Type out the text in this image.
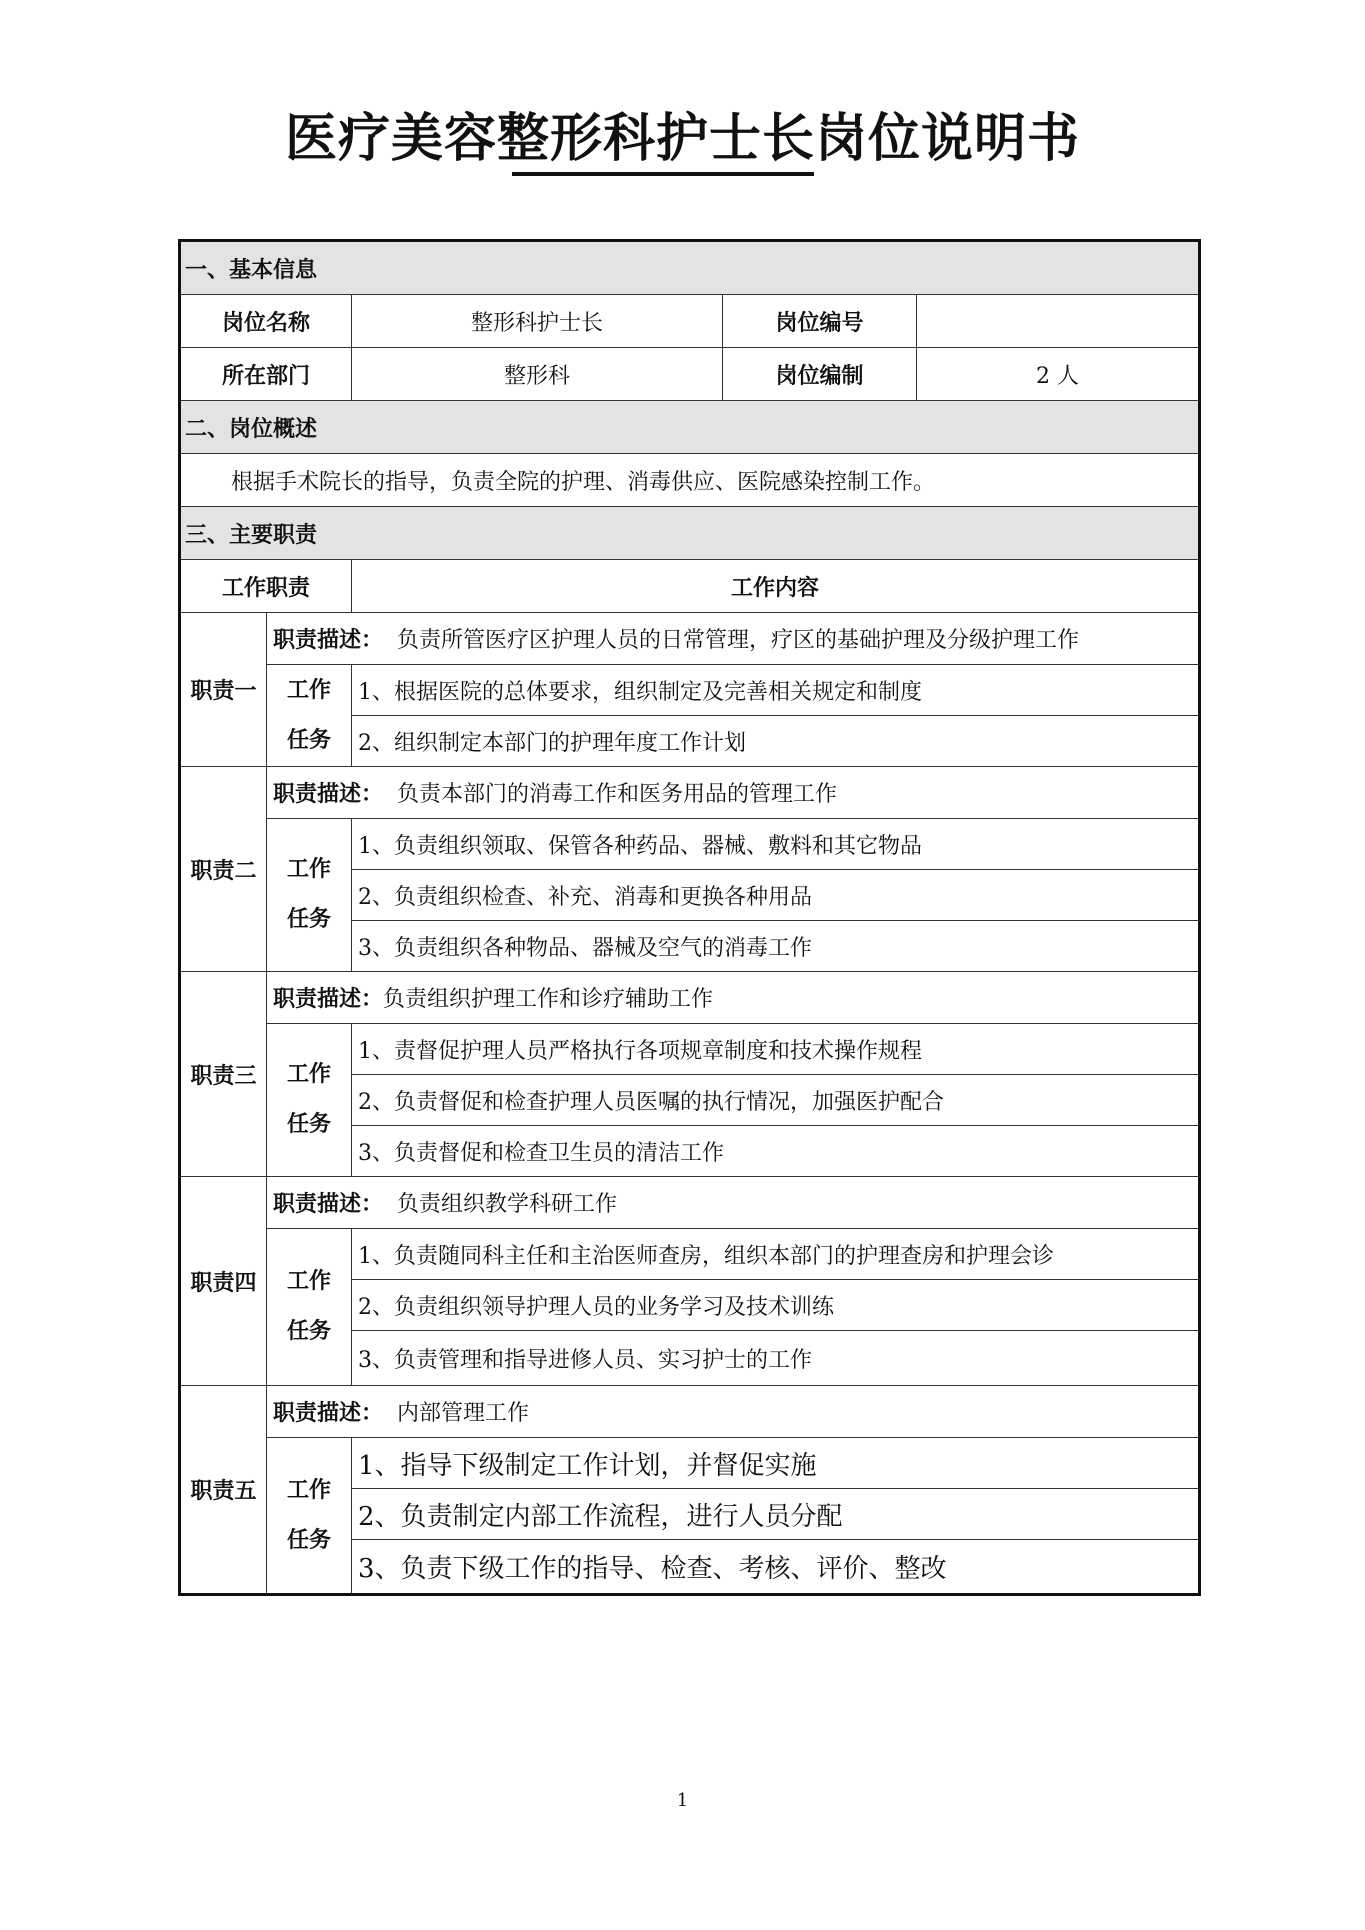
医疗美容整形科护士长岗位说明书
一、基本信息				
岗位名称		整形科护士长	岗位编号	
所在部门		整形科	岗位编制	2 人
二、岗位概述				
根据手术院长的指导，负责全院的护理、消毒供应、医院感染控制工作。				
三、主要职责				
工作职责		工作内容		
职责一	职责描述： 负责所管医疗区护理人员的日常管理，疗区的基础护理及分级护理工作			
	工作
任务	1、根据医院的总体要求，组织制定及完善相关规定和制度		
		2、组织制定本部门的护理年度工作计划		
职责二	职责描述： 负责本部门的消毒工作和医务用品的管理工作			
	工作
任务	1、负责组织领取、保管各种药品、器械、敷料和其它物品		
		2、负责组织检查、补充、消毒和更换各种用品		
		3、负责组织各种物品、器械及空气的消毒工作		
职责三	职责描述：负责组织护理工作和诊疗辅助工作			
	工作
任务	1、责督促护理人员严格执行各项规章制度和技术操作规程		
		2、负责督促和检查护理人员医嘱的执行情况，加强医护配合		
		3、负责督促和检查卫生员的清洁工作		
职责四	职责描述： 负责组织教学科研工作			
	工作
任务	1、负责随同科主任和主治医师查房，组织本部门的护理查房和护理会诊		
		2、负责组织领导护理人员的业务学习及技术训练		
		3、负责管理和指导进修人员、实习护士的工作		
职责五	职责描述： 内部管理工作			
	工作
任务	1、指导下级制定工作计划，并督促实施		
		2、负责制定内部工作流程，进行人员分配		
		3、负责下级工作的指导、检查、考核、评价、整改		
1
